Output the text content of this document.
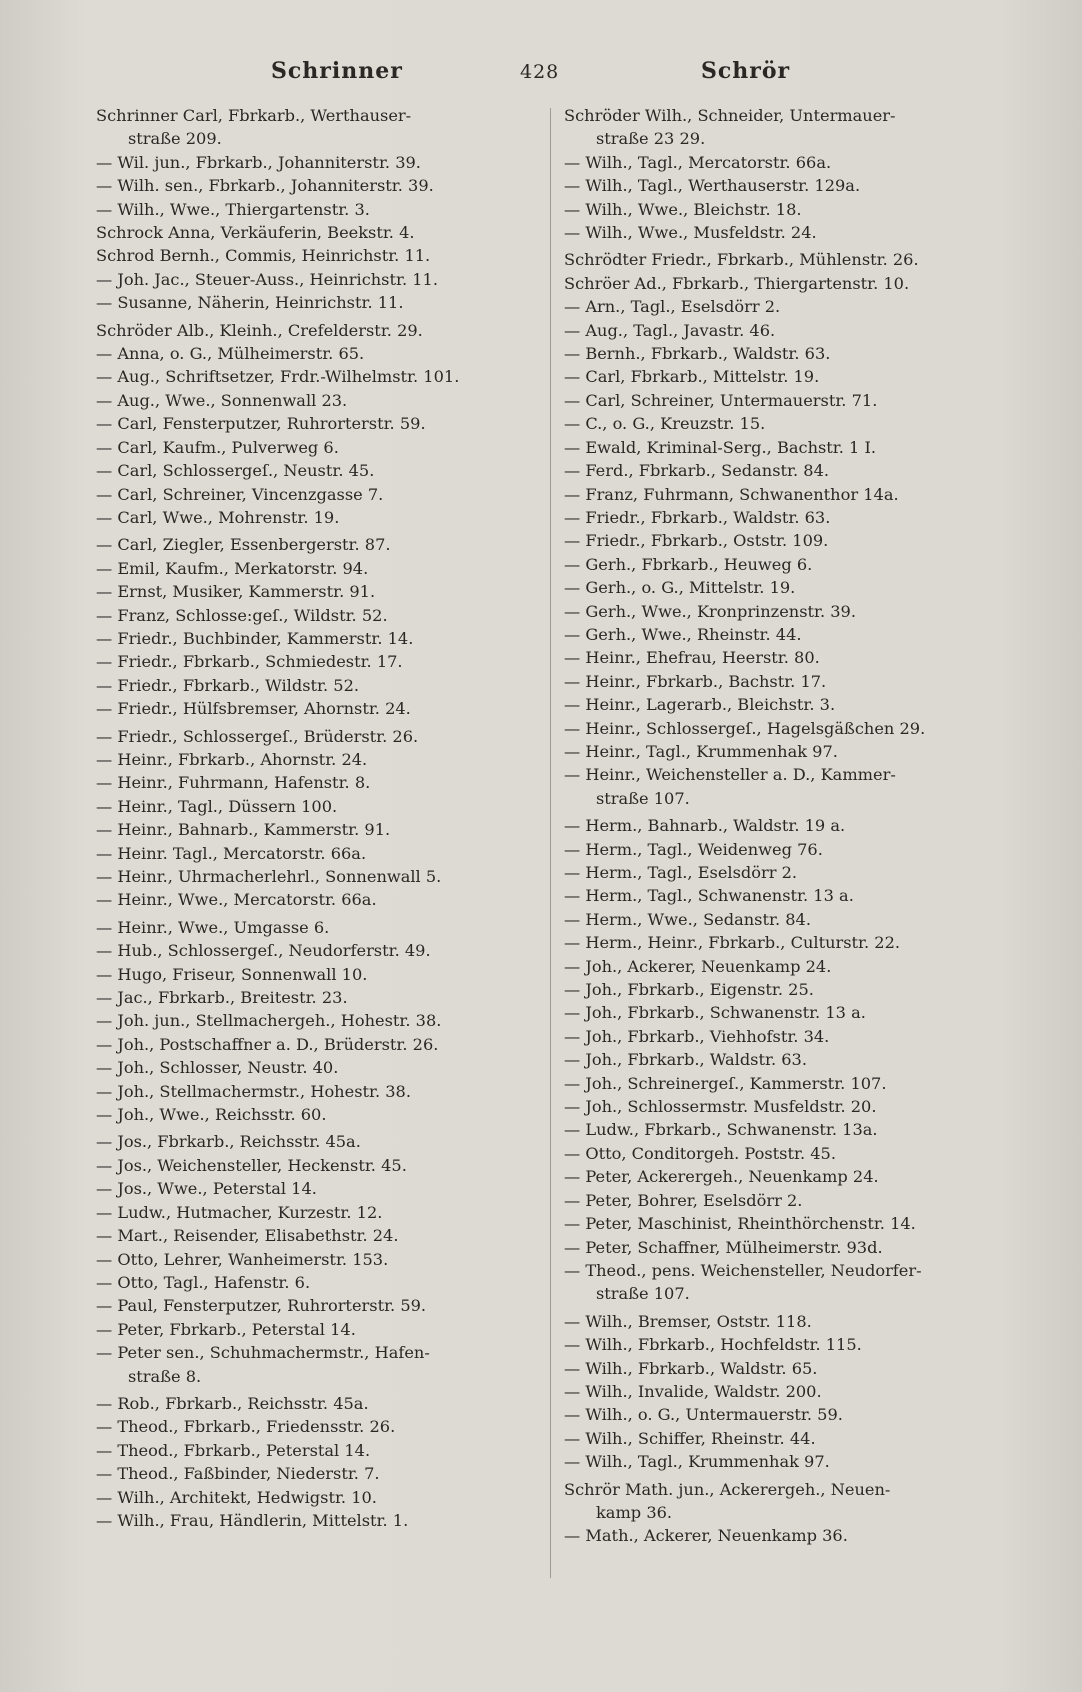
Schrinner	428	Schrör
Schrinner Carl, Fbrkarb., Werthauser-
straße 209.
— Wil. jun., Fbrkarb., Johanniterstr. 39.
— Wilh. sen., Fbrkarb., Johanniterstr. 39.
— Wilh., Wwe., Thiergartenstr. 3.
Schrock Anna, Verkäuferin, Beekstr. 4.
Schrod Bernh., Commis, Heinrichstr. 11.
— Joh. Jac., Steuer-Auss., Heinrichstr. 11.
— Susanne, Näherin, Heinrichstr. 11.
Schröder Alb., Kleinh., Crefelderstr. 29.
— Anna, o. G., Mülheimerstr. 65.
— Aug., Schriftsetzer, Frdr.-Wilhelmstr. 101.
— Aug., Wwe., Sonnenwall 23.
— Carl, Fensterputzer, Ruhrorterstr. 59.
— Carl, Kaufm., Pulverweg 6.
— Carl, Schlossergeſ., Neustr. 45.
— Carl, Schreiner, Vincenzgasse 7.
— Carl, Wwe., Mohrenstr. 19.
— Carl, Ziegler, Essenbergerstr. 87.
— Emil, Kaufm., Merkatorstr. 94.
— Ernst, Musiker, Kammerstr. 91.
— Franz, Schlosse:geſ., Wildstr. 52.
— Friedr., Buchbinder, Kammerstr. 14.
— Friedr., Fbrkarb., Schmiedestr. 17.
— Friedr., Fbrkarb., Wildstr. 52.
— Friedr., Hülfsbremser, Ahornstr. 24.
— Friedr., Schlossergeſ., Brüderstr. 26.
— Heinr., Fbrkarb., Ahornstr. 24.
— Heinr., Fuhrmann, Hafenstr. 8.
— Heinr., Tagl., Düssern 100.
— Heinr., Bahnarb., Kammerstr. 91.
— Heinr. Tagl., Mercatorstr. 66a.
— Heinr., Uhrmacherlehrl., Sonnenwall 5.
— Heinr., Wwe., Mercatorstr. 66a.
— Heinr., Wwe., Umgasse 6.
— Hub., Schlossergeſ., Neudorferstr. 49.
— Hugo, Friseur, Sonnenwall 10.
— Jac., Fbrkarb., Breitestr. 23.
— Joh. jun., Stellmachergeh., Hohestr. 38.
— Joh., Postschaffner a. D., Brüderstr. 26.
— Joh., Schlosser, Neustr. 40.
— Joh., Stellmachermstr., Hohestr. 38.
— Joh., Wwe., Reichsstr. 60.
— Jos., Fbrkarb., Reichsstr. 45a.
— Jos., Weichensteller, Heckenstr. 45.
— Jos., Wwe., Peterstal 14.
— Ludw., Hutmacher, Kurzestr. 12.
— Mart., Reisender, Elisabethstr. 24.
— Otto, Lehrer, Wanheimerstr. 153.
— Otto, Tagl., Hafenstr. 6.
— Paul, Fensterputzer, Ruhrorterstr. 59.
— Peter, Fbrkarb., Peterstal 14.
— Peter sen., Schuhmachermstr., Hafen-
straße 8.
— Rob., Fbrkarb., Reichsstr. 45a.
— Theod., Fbrkarb., Friedensstr. 26.
— Theod., Fbrkarb., Peterstal 14.
— Theod., Faßbinder, Niederstr. 7.
— Wilh., Architekt, Hedwigstr. 10.
— Wilh., Frau, Händlerin, Mittelstr. 1.
Schröder Wilh., Schneider, Untermauer-
straße 23 29.
— Wilh., Tagl., Mercatorstr. 66a.
— Wilh., Tagl., Werthauserstr. 129a.
— Wilh., Wwe., Bleichstr. 18.
— Wilh., Wwe., Musfeldstr. 24.
Schrödter Friedr., Fbrkarb., Mühlenstr. 26.
Schröer Ad., Fbrkarb., Thiergartenstr. 10.
— Arn., Tagl., Eselsdörr 2.
— Aug., Tagl., Javastr. 46.
— Bernh., Fbrkarb., Waldstr. 63.
— Carl, Fbrkarb., Mittelstr. 19.
— Carl, Schreiner, Untermauerstr. 71.
— C., o. G., Kreuzstr. 15.
— Ewald, Kriminal-Serg., Bachstr. 1 I.
— Ferd., Fbrkarb., Sedanstr. 84.
— Franz, Fuhrmann, Schwanenthor 14a.
— Friedr., Fbrkarb., Waldstr. 63.
— Friedr., Fbrkarb., Oststr. 109.
— Gerh., Fbrkarb., Heuweg 6.
— Gerh., o. G., Mittelstr. 19.
— Gerh., Wwe., Kronprinzenstr. 39.
— Gerh., Wwe., Rheinstr. 44.
— Heinr., Ehefrau, Heerstr. 80.
— Heinr., Fbrkarb., Bachstr. 17.
— Heinr., Lagerarb., Bleichstr. 3.
— Heinr., Schlossergeſ., Hagelsgäßchen 29.
— Heinr., Tagl., Krummenhak 97.
— Heinr., Weichensteller a. D., Kammer-
straße 107.
— Herm., Bahnarb., Waldstr. 19 a.
— Herm., Tagl., Weidenweg 76.
— Herm., Tagl., Eselsdörr 2.
— Herm., Tagl., Schwanenstr. 13 a.
— Herm., Wwe., Sedanstr. 84.
— Herm., Heinr., Fbrkarb., Culturstr. 22.
— Joh., Ackerer, Neuenkamp 24.
— Joh., Fbrkarb., Eigenstr. 25.
— Joh., Fbrkarb., Schwanenstr. 13 a.
— Joh., Fbrkarb., Viehhofstr. 34.
— Joh., Fbrkarb., Waldstr. 63.
— Joh., Schreinergeſ., Kammerstr. 107.
— Joh., Schlossermstr. Musfeldstr. 20.
— Ludw., Fbrkarb., Schwanenstr. 13a.
— Otto, Conditorgeh. Poststr. 45.
— Peter, Ackerergeh., Neuenkamp 24.
— Peter, Bohrer, Eselsdörr 2.
— Peter, Maschinist, Rheinthörchenstr. 14.
— Peter, Schaffner, Mülheimerstr. 93d.
— Theod., pens. Weichensteller, Neudorfer-
straße 107.
— Wilh., Bremser, Oststr. 118.
— Wilh., Fbrkarb., Hochfeldstr. 115.
— Wilh., Fbrkarb., Waldstr. 65.
— Wilh., Invalide, Waldstr. 200.
— Wilh., o. G., Untermauerstr. 59.
— Wilh., Schiffer, Rheinstr. 44.
— Wilh., Tagl., Krummenhak 97.
Schrör Math. jun., Ackerergeh., Neuen-
kamp 36.
— Math., Ackerer, Neuenkamp 36.
